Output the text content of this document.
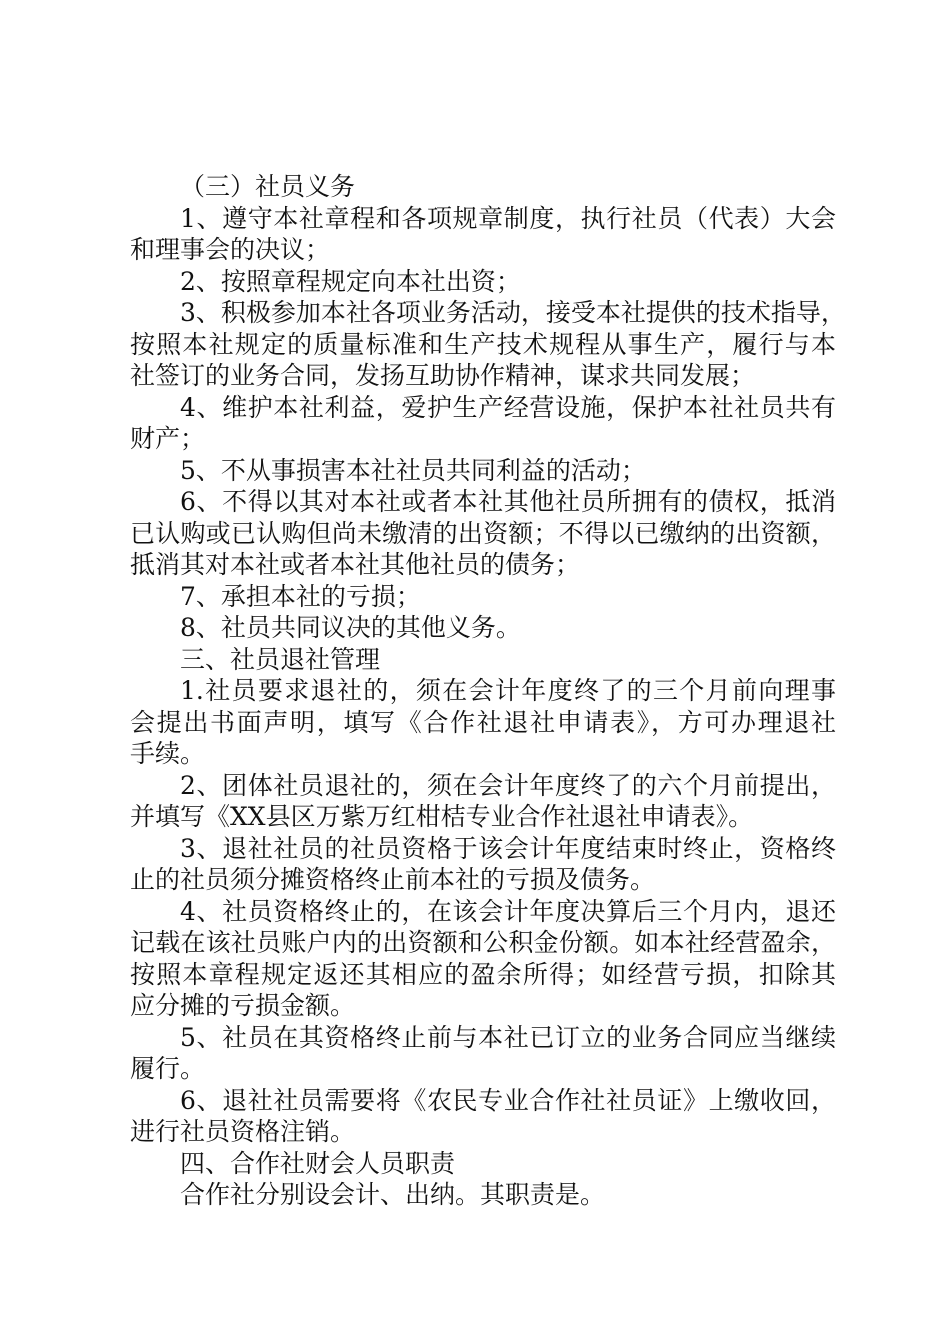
（三）社员义务
1、遵守本社章程和各项规章制度，执行社员（代表）大会
和理事会的决议；
2、按照章程规定向本社出资；
3、积极参加本社各项业务活动，接受本社提供的技术指导，
按照本社规定的质量标准和生产技术规程从事生产，履行与本
社签订的业务合同，发扬互助协作精神，谋求共同发展；
4、维护本社利益，爱护生产经营设施，保护本社社员共有
财产；
5、不从事损害本社社员共同利益的活动；
6、不得以其对本社或者本社其他社员所拥有的债权，抵消
已认购或已认购但尚未缴清的出资额；不得以已缴纳的出资额，
抵消其对本社或者本社其他社员的债务；
7、承担本社的亏损；
8、社员共同议决的其他义务。
三、社员退社管理
1.社员要求退社的，须在会计年度终了的三个月前向理事
会提出书面声明，填写《合作社退社申请表》，方可办理退社
手续。
2、团体社员退社的，须在会计年度终了的六个月前提出，
并填写《XX县区万紫万红柑桔专业合作社退社申请表》。
3、退社社员的社员资格于该会计年度结束时终止，资格终
止的社员须分摊资格终止前本社的亏损及债务。
4、社员资格终止的，在该会计年度决算后三个月内，退还
记载在该社员账户内的出资额和公积金份额。如本社经营盈余，
按照本章程规定返还其相应的盈余所得；如经营亏损，扣除其
应分摊的亏损金额。
5、社员在其资格终止前与本社已订立的业务合同应当继续
履行。
6、退社社员需要将《农民专业合作社社员证》上缴收回，
进行社员资格注销。
四、合作社财会人员职责
合作社分别设会计、出纳。其职责是。
